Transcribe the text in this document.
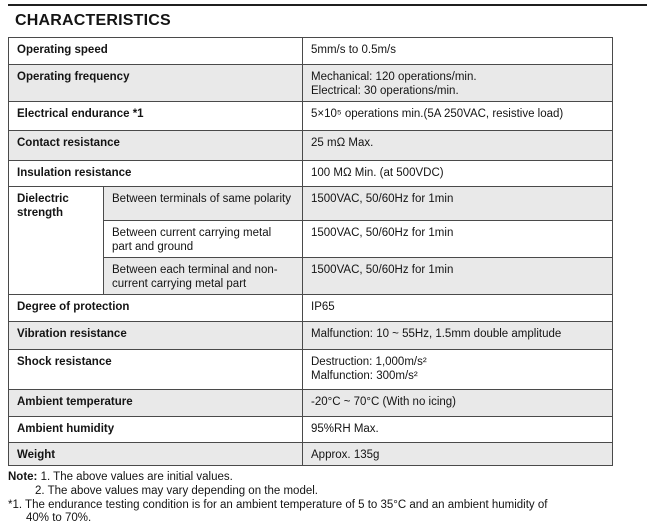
CHARACTERISTICS
Operating speed		5mm/s to 0.5m/s
Operating frequency		Mechanical: 120 operations/min.
Electrical: 30 operations/min.

Electrical endurance *1		5×10⁵ operations min.(5A 250VAC, resistive load)
Contact resistance		25 mΩ Max.
Insulation resistance		100 MΩ Min. (at 500VDC)
Dielectric strength	Between terminals of same polarity	1500VAC, 50/60Hz for 1min
	Between current carrying metal part and ground	1500VAC, 50/60Hz for 1min
	Between each terminal and non-current carrying metal part	1500VAC, 50/60Hz for 1min
Degree of protection		IP65
Vibration resistance		Malfunction: 10 ~ 55Hz, 1.5mm double amplitude
Shock resistance		Destruction: 1,000m/s²
Malfunction: 300m/s²

Ambient temperature		-20°C ~ 70°C (With no icing)
Ambient humidity		95%RH Max.
Weight		Approx. 135g
Note: 1. The above values are initial values.
2. The above values may vary depending on the model.
*1. The endurance testing condition is for an ambient temperature of 5 to 35°C and an ambient humidity of
40% to 70%.
